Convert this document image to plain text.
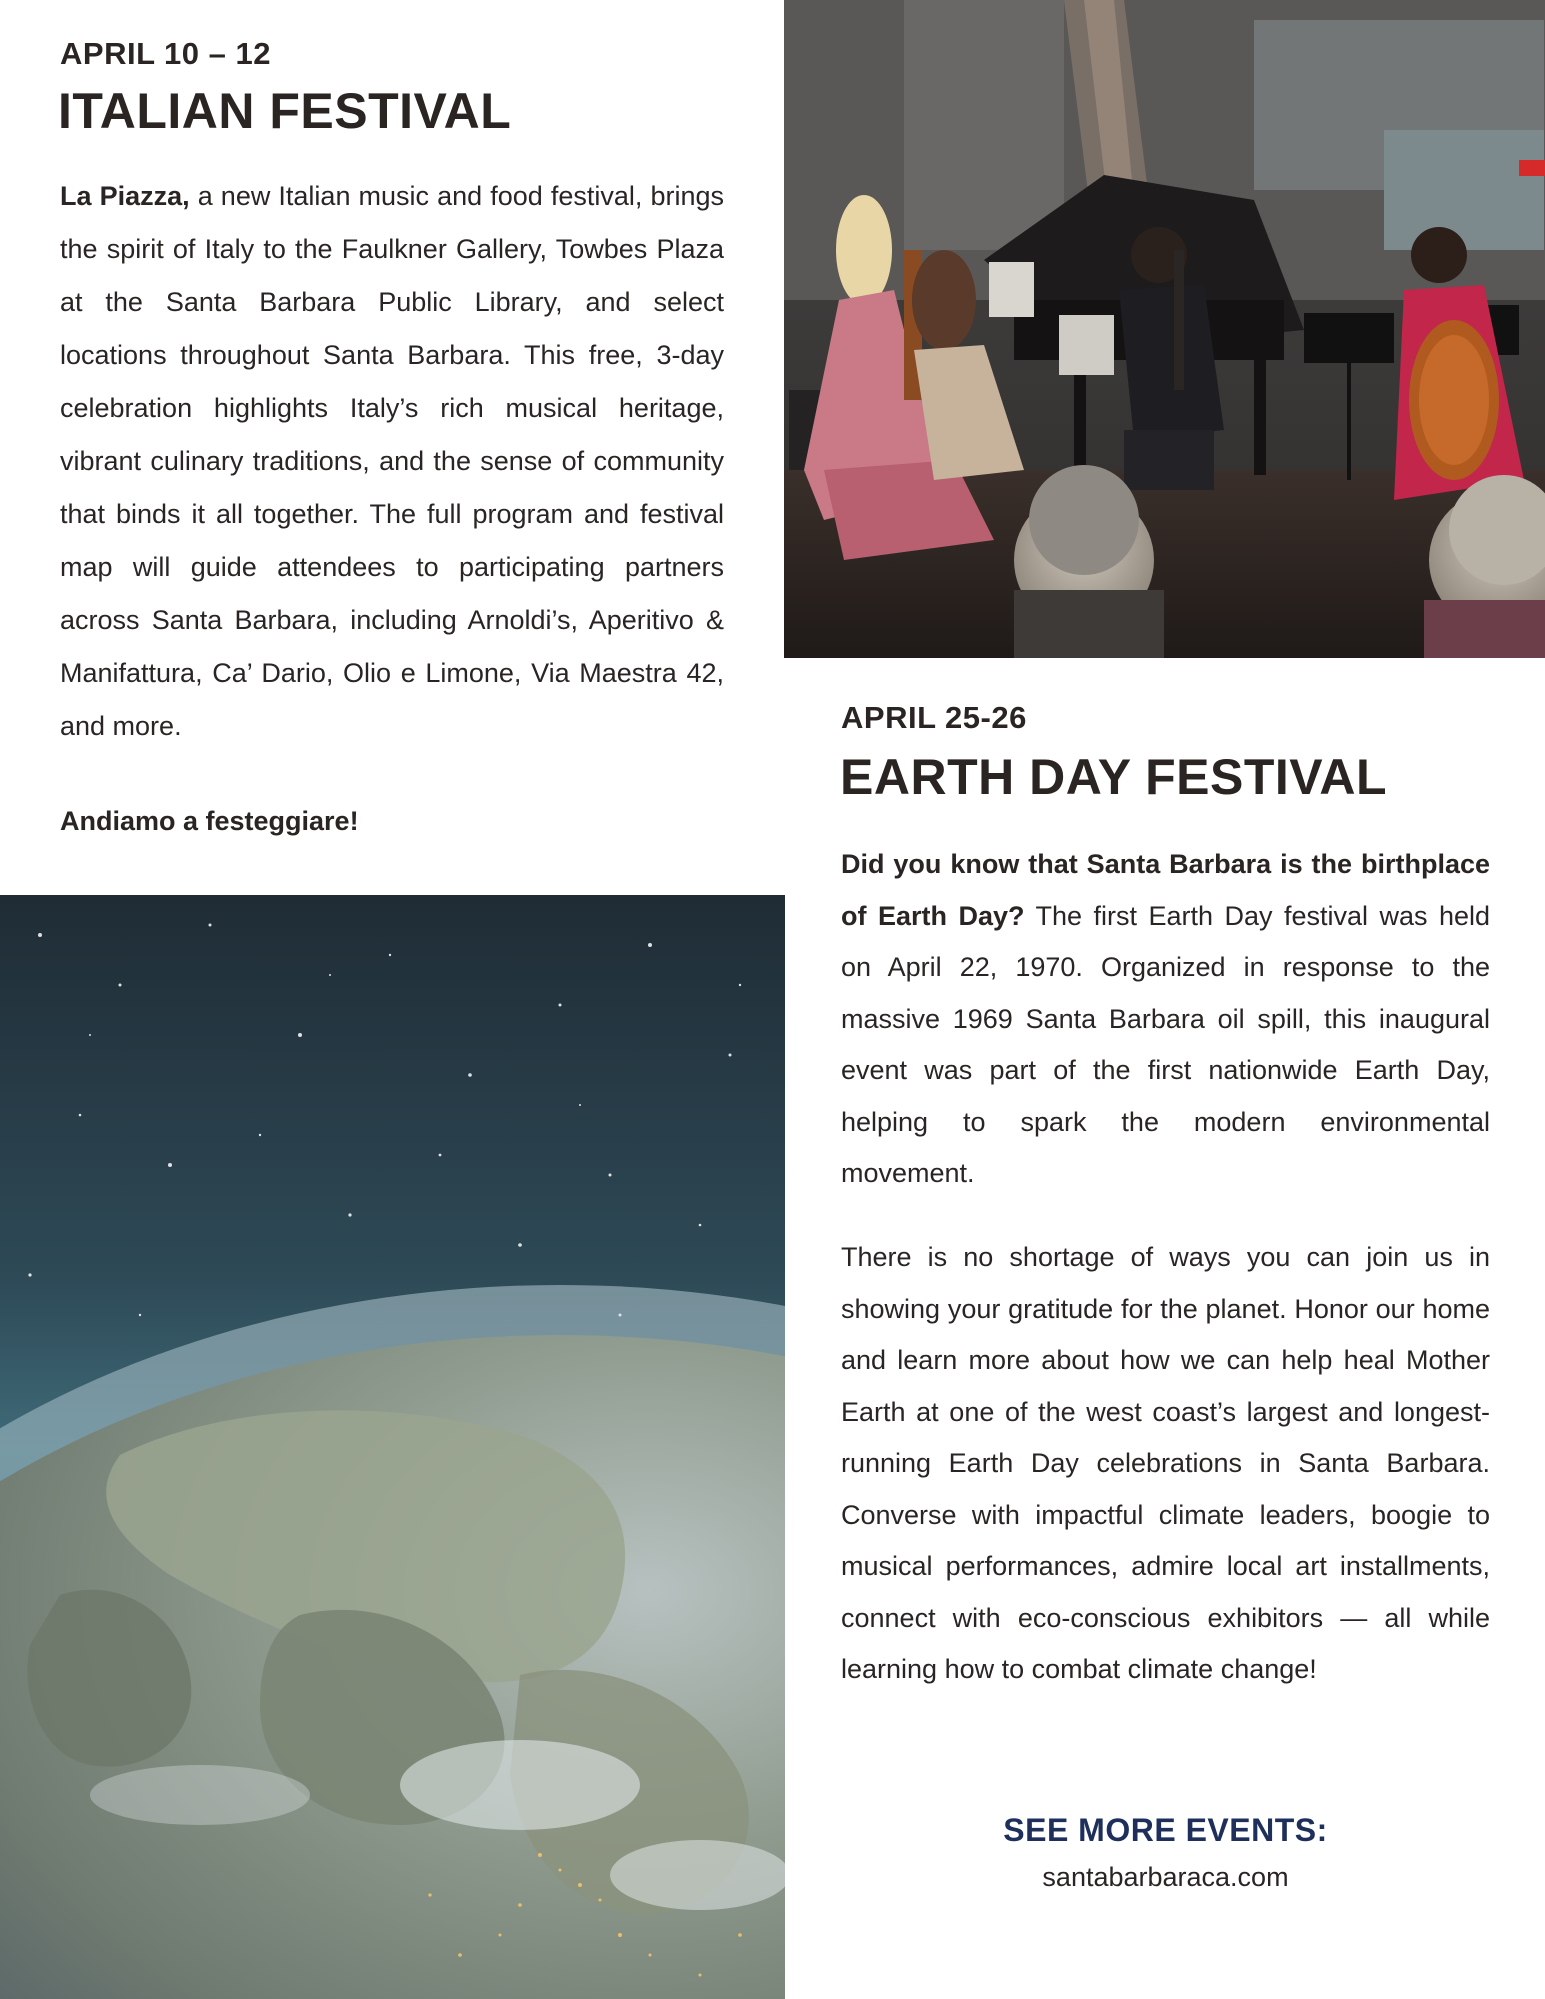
APRIL 10 – 12
ITALIAN FESTIVAL

La Piazza, a new Italian music and food festival, brings the spirit of Italy to the Faulkner Gallery, Towbes Plaza at the Santa Barbara Public Library, and select locations throughout Santa Barbara. This free, 3-day celebration highlights Italy’s rich musical heritage, vibrant culinary traditions, and the sense of community that binds it all together. The full program and festival map will guide attendees to participating partners across Santa Barbara, including Arnoldi’s, Aperitivo & Manifattura, Ca’ Dario, Olio e Limone, Via Maestra 42, and more.

Andiamo a festeggiare!

APRIL 25-26
EARTH DAY FESTIVAL

Did you know that Santa Barbara is the birthplace of Earth Day? The first Earth Day festival was held on April 22, 1970. Organized in response to the massive 1969 Santa Barbara oil spill, this inaugural event was part of the first nationwide Earth Day, helping to spark the modern environmental movement.

There is no shortage of ways you can join us in showing your gratitude for the planet. Honor our home and learn more about how we can help heal Mother Earth at one of the west coast’s largest and longest-running Earth Day celebrations in Santa Barbara. Converse with impactful climate leaders, boogie to musical performances, admire local art installments, connect with eco-conscious exhibitors — all while learning how to combat climate change!

SEE MORE EVENTS:

santabarbaraca.com
